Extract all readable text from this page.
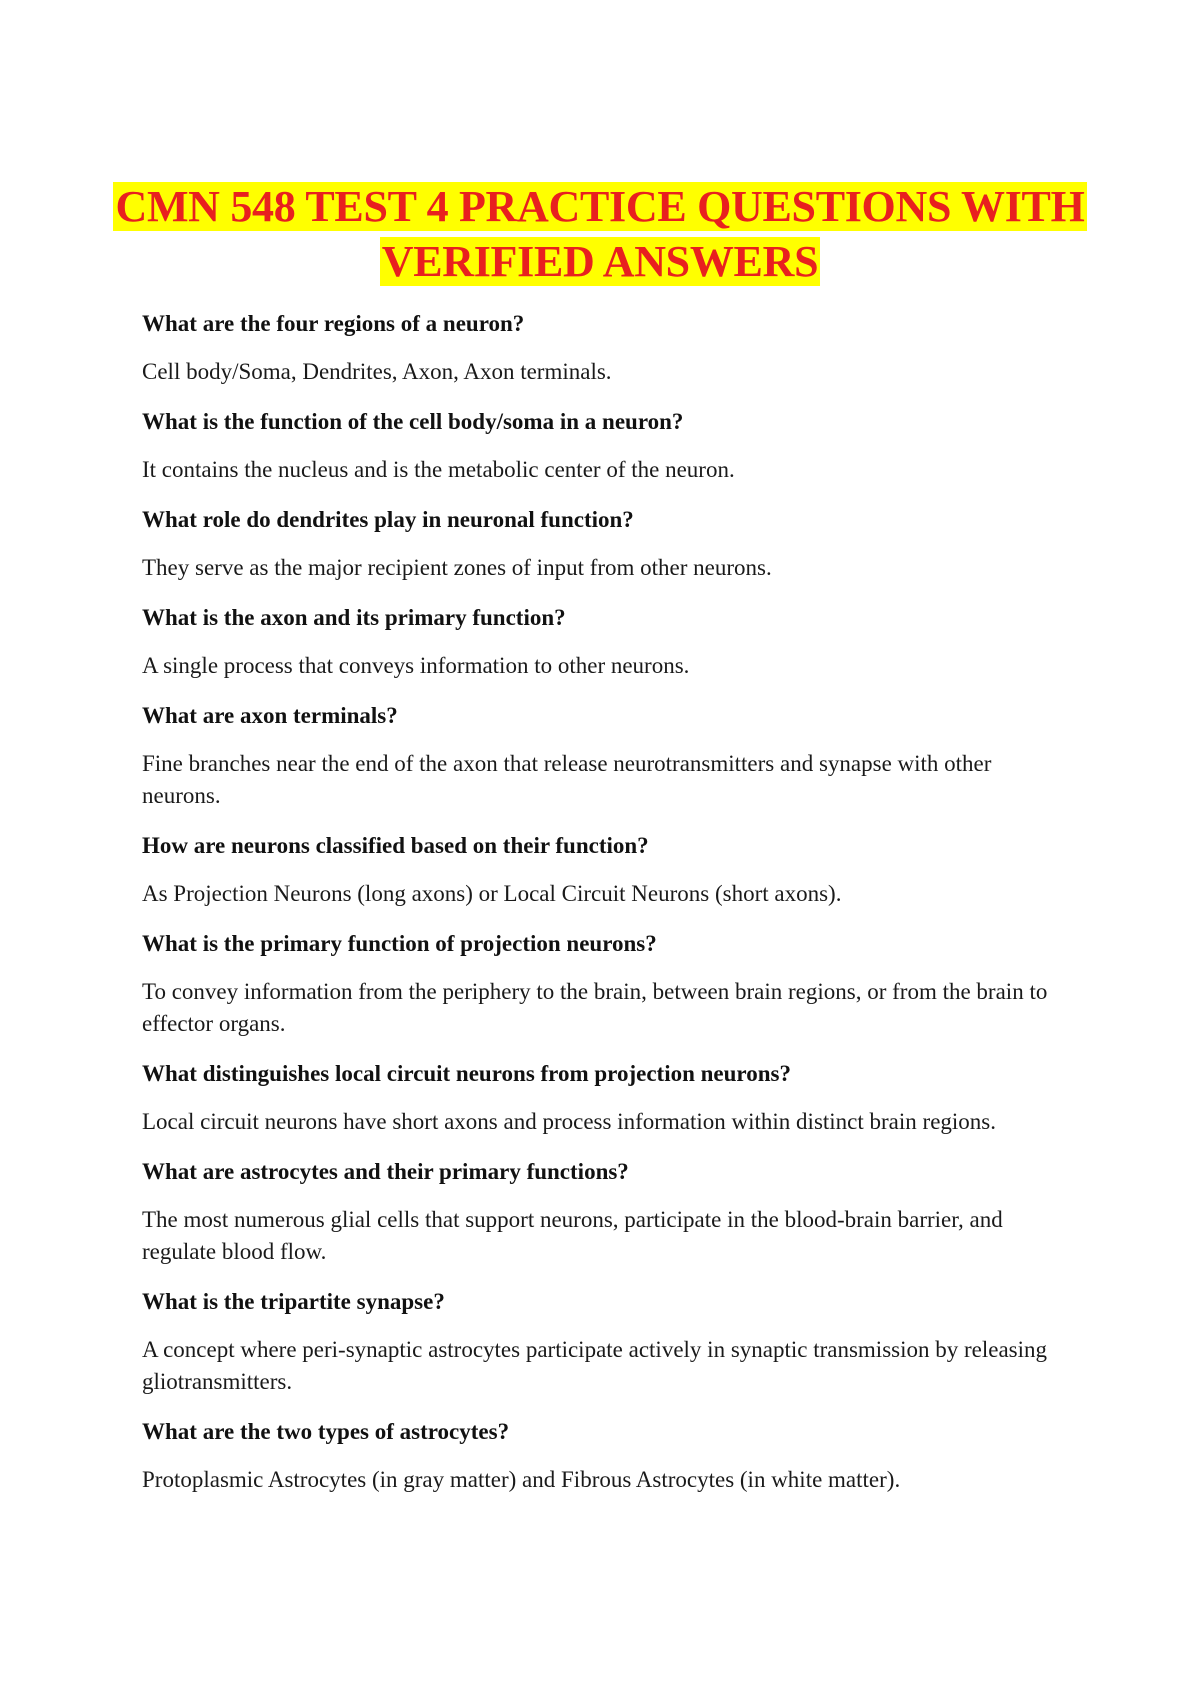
CMN 548 TEST 4 PRACTICE QUESTIONS WITH VERIFIED ANSWERS

What are the four regions of a neuron?

Cell body/Soma, Dendrites, Axon, Axon terminals.

What is the function of the cell body/soma in a neuron?

It contains the nucleus and is the metabolic center of the neuron.

What role do dendrites play in neuronal function?

They serve as the major recipient zones of input from other neurons.

What is the axon and its primary function?

A single process that conveys information to other neurons.

What are axon terminals?

Fine branches near the end of the axon that release neurotransmitters and synapse with other neurons.

How are neurons classified based on their function?

As Projection Neurons (long axons) or Local Circuit Neurons (short axons).

What is the primary function of projection neurons?

To convey information from the periphery to the brain, between brain regions, or from the brain to effector organs.

What distinguishes local circuit neurons from projection neurons?

Local circuit neurons have short axons and process information within distinct brain regions.

What are astrocytes and their primary functions?

The most numerous glial cells that support neurons, participate in the blood-brain barrier, and regulate blood flow.

What is the tripartite synapse?

A concept where peri-synaptic astrocytes participate actively in synaptic transmission by releasing gliotransmitters.

What are the two types of astrocytes?

Protoplasmic Astrocytes (in gray matter) and Fibrous Astrocytes (in white matter).
